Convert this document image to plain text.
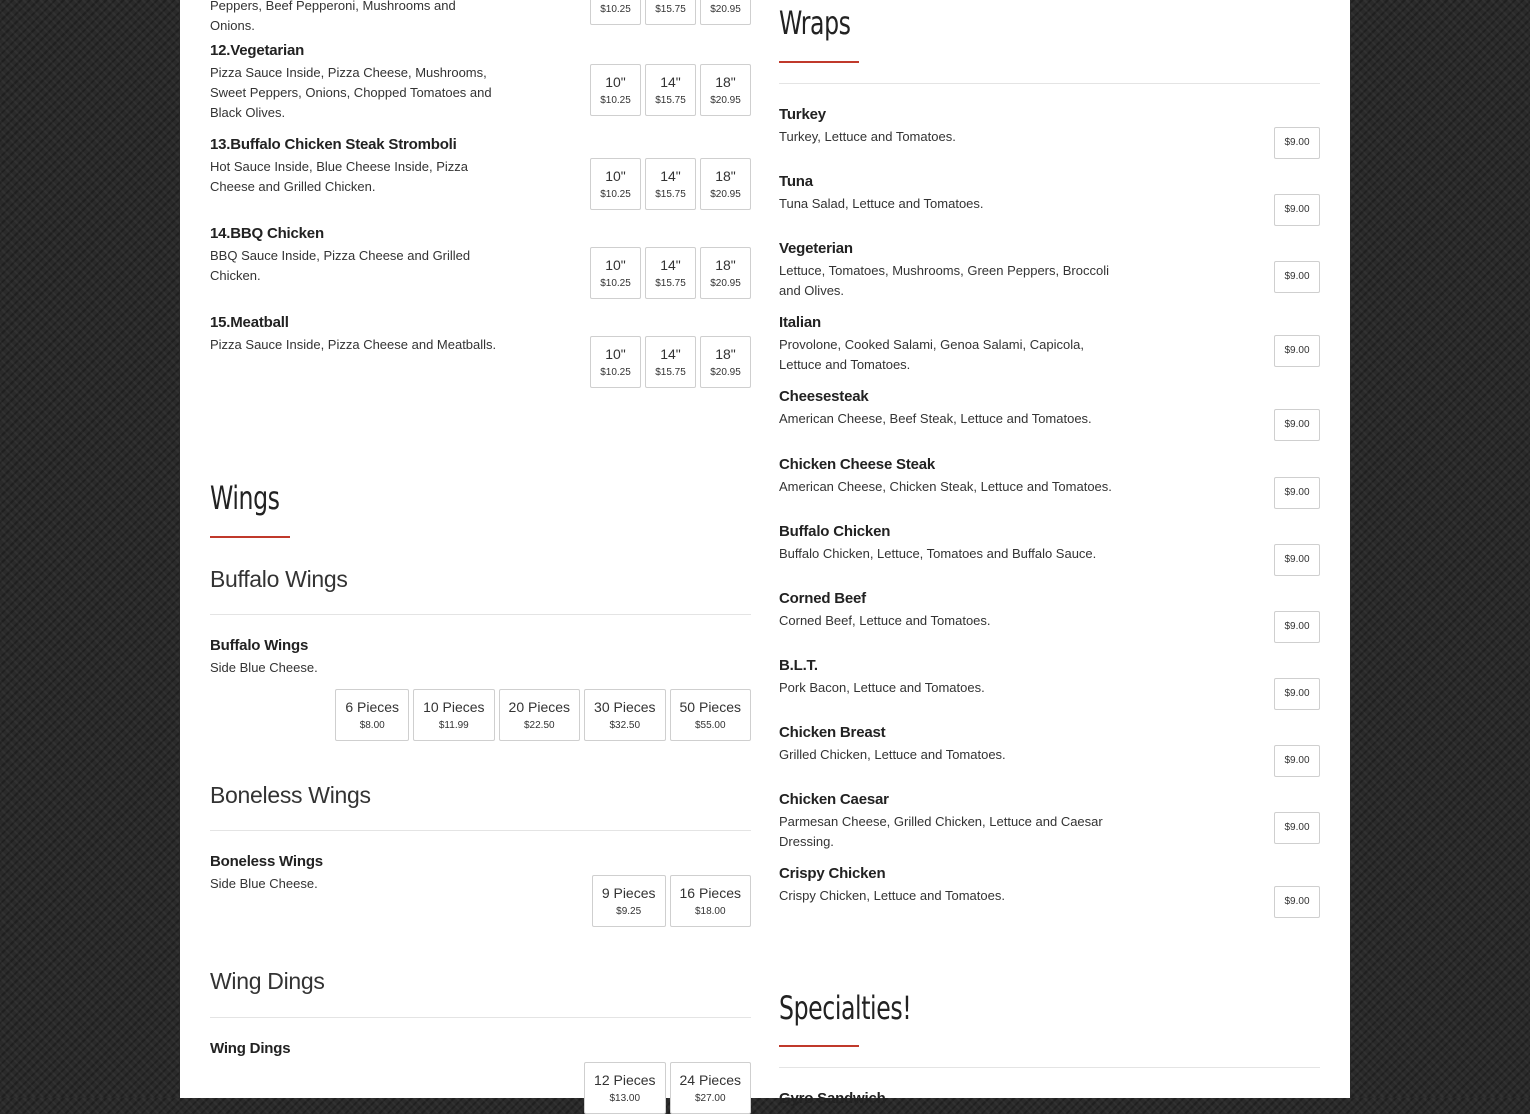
Peppers, Beef Pepperoni, Mushrooms and Onions.
$10.25 $15.75 $20.95
12.Vegetarian
Pizza Sauce Inside, Pizza Cheese, Mushrooms, Sweet Peppers, Onions, Chopped Tomatoes and Black Olives.
10"
$10.25
14"
$15.75
18"
$20.95
13.Buffalo Chicken Steak Stromboli
Hot Sauce Inside, Blue Cheese Inside, Pizza Cheese and Grilled Chicken.
10"
$10.25
14"
$15.75
18"
$20.95
14.BBQ Chicken
BBQ Sauce Inside, Pizza Cheese and Grilled Chicken.
10"
$10.25
14"
$15.75
18"
$20.95
15.Meatball
Pizza Sauce Inside, Pizza Cheese and Meatballs.
10"
$10.25
14"
$15.75
18"
$20.95
Wings
Buffalo Wings
Buffalo Wings
Side Blue Cheese.
6 Pieces
$8.00
10 Pieces
$11.99
20 Pieces
$22.50
30 Pieces
$32.50
50 Pieces
$55.00
Boneless Wings
Boneless Wings
Side Blue Cheese.
9 Pieces
$9.25
16 Pieces
$18.00
Wing Dings
Wing Dings
12 Pieces
$13.00
24 Pieces
$27.00
Wraps
Turkey
Turkey, Lettuce and Tomatoes.	$9.00
Tuna
Tuna Salad, Lettuce and Tomatoes.	$9.00
Vegeterian
Lettuce, Tomatoes, Mushrooms, Green Peppers, Broccoli and Olives.
$9.00
Italian
Provolone, Cooked Salami, Genoa Salami, Capicola, Lettuce and Tomatoes.
$9.00
Cheesesteak
American Cheese, Beef Steak, Lettuce and Tomatoes.	$9.00
Chicken Cheese Steak
American Cheese, Chicken Steak, Lettuce and Tomatoes.	$9.00
Buffalo Chicken
Buffalo Chicken, Lettuce, Tomatoes and Buffalo Sauce.	$9.00
Corned Beef
Corned Beef, Lettuce and Tomatoes.	$9.00
B.L.T.
Pork Bacon, Lettuce and Tomatoes.	$9.00
Chicken Breast
Grilled Chicken, Lettuce and Tomatoes.	$9.00
Chicken Caesar
Parmesan Cheese, Grilled Chicken, Lettuce and Caesar Dressing.
$9.00
Crispy Chicken
Crispy Chicken, Lettuce and Tomatoes.	$9.00
Specialties!
Gyro Sandwich
